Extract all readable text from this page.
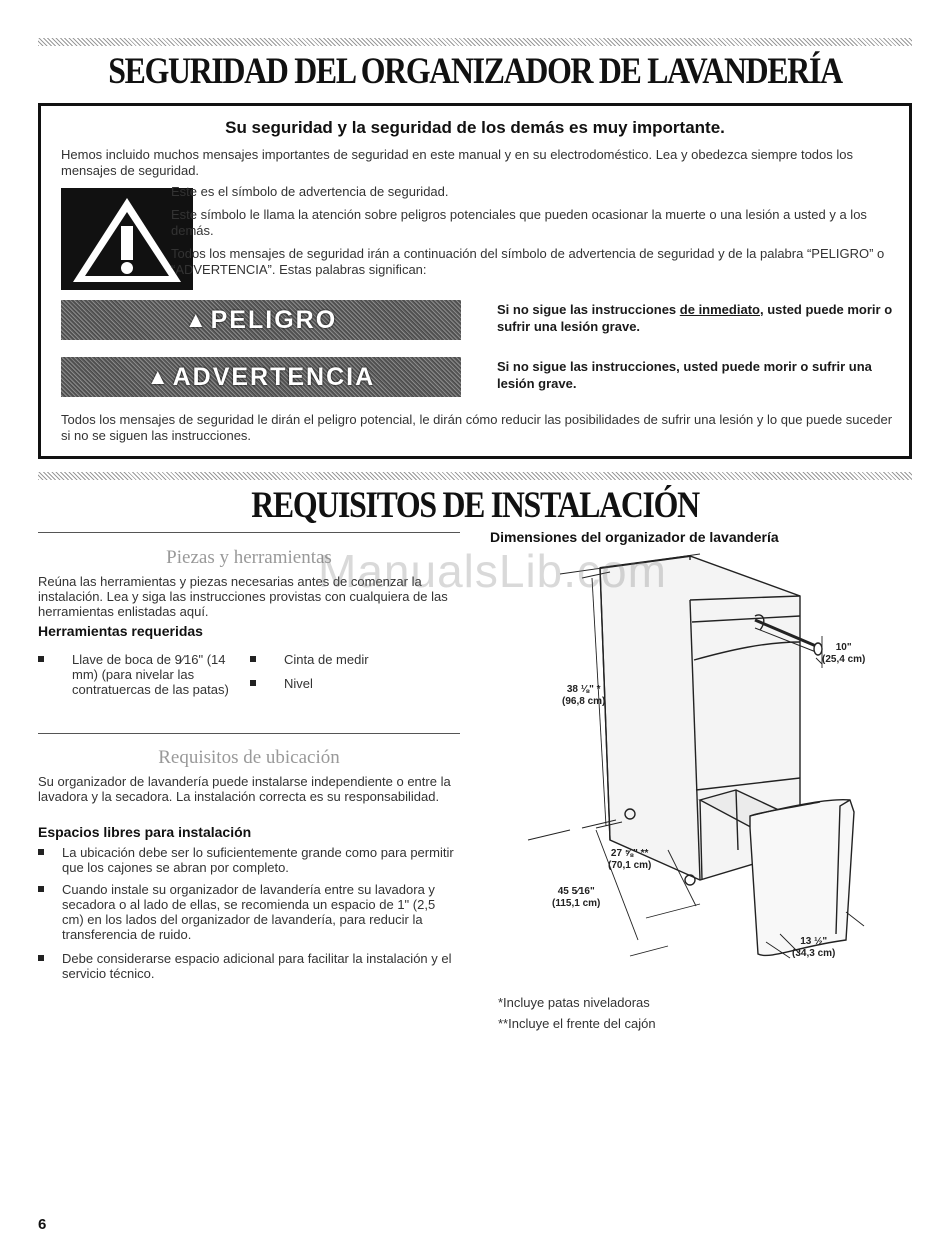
SEGURIDAD DEL ORGANIZADOR DE LAVANDERÍA
Su seguridad y la seguridad de los demás es muy importante.

Hemos incluido muchos mensajes importantes de seguridad en este manual y en su electrodoméstico. Lea y obedezca siempre todos los mensajes de seguridad.

Este es el símbolo de advertencia de seguridad.

Este símbolo le llama la atención sobre peligros potenciales que pueden ocasionar la muerte o una lesión a usted y a los demás.

Todos los mensajes de seguridad irán a continuación del símbolo de advertencia de seguridad y de la palabra “PELIGRO” o “ADVERTENCIA”. Estas palabras significan:

▲ PELIGRO	Si no sigue las instrucciones de inmediato, usted puede morir o sufrir una lesión grave.
▲ ADVERTENCIA	Si no sigue las instrucciones, usted puede morir o sufrir una lesión grave.

Todos los mensajes de seguridad le dirán el peligro potencial, le dirán cómo reducir las posibilidades de sufrir una lesión y lo que puede suceder si no se siguen las instrucciones.

REQUISITOS DE INSTALACIÓN
Piezas y herramientas

Reúna las herramientas y piezas necesarias antes de comenzar la instalación. Lea y siga las instrucciones provistas con cualquiera de las herramientas enlistadas aquí.

Herramientas requeridas
Llave de boca de 9⁄16" (14 mm) (para nivelar las contratuercas de las patas)
Cinta de medir
Nivel
Requisitos de ubicación

Su organizador de lavandería puede instalarse independiente o entre la lavadora y la secadora. La instalación correcta es su responsabilidad.

Espacios libres para instalación
La ubicación debe ser lo suficientemente grande como para permitir que los cajones se abran por completo.
Cuando instale su organizador de lavandería entre su lavadora y secadora o al lado de ellas, se recomienda un espacio de 1" (2,5 cm) en los lados del organizador de lavandería, para reducir la transferencia de ruido.
Debe considerarse espacio adicional para facilitar la instalación y el servicio técnico.
Dimensiones del organizador de lavandería
38 ⅛" *
(96,8 cm)
10"
(25,4 cm)
27 ⅝" **
(70,1 cm)
45 5⁄16"
(115,1 cm)
13 ½"
(34,3 cm)
*Incluye patas niveladoras
**Incluye el frente del cajón
ManualsLib.com
6
